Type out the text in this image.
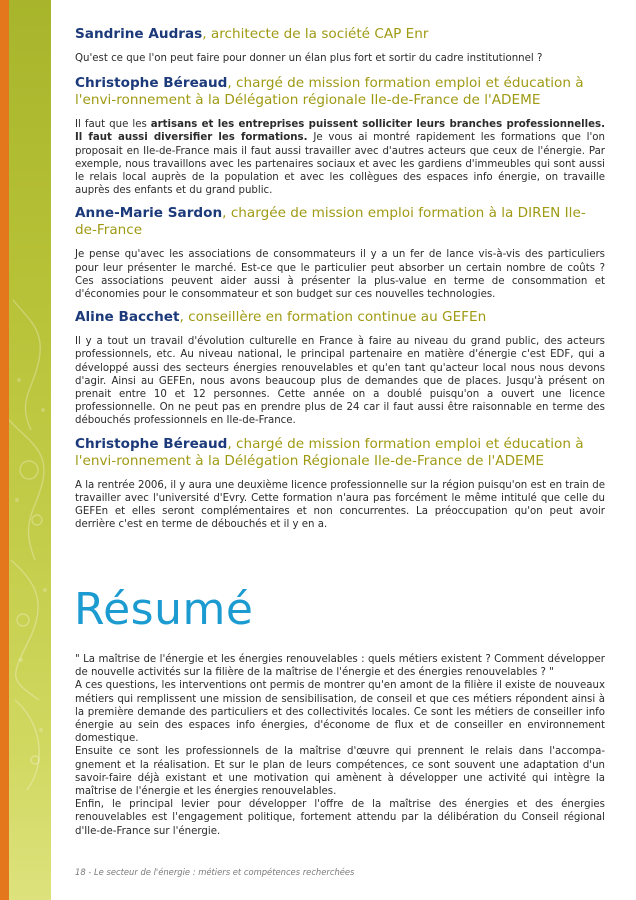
Sandrine Audras, architecte de la société CAP Enr

Qu'est ce que l'on peut faire pour donner un élan plus fort et sortir du cadre institutionnel ?

Christophe Béreaud, chargé de mission formation emploi et éducation à l'envi-ronnement à la Délégation régionale Ile-de-France de l'ADEME

Il faut que les artisans et les entreprises puissent solliciter leurs branches professionnelles. Il faut aussi diversifier les formations. Je vous ai montré rapidement les formations que l'on proposait en Ile-de-France mais il faut aussi travailler avec d'autres acteurs que ceux de l'énergie. Par exemple, nous travaillons avec les partenaires sociaux et avec les gardiens d'immeubles qui sont aussi le relais local auprès de la population et avec les collègues des espaces info énergie, on travaille auprès des enfants et du grand public.

Anne-Marie Sardon, chargée de mission emploi formation à la DIREN Ile-de-France

Je pense qu'avec les associations de consommateurs il y a un fer de lance vis-à-vis des particuliers pour leur présenter le marché. Est-ce que le particulier peut absorber un certain nombre de coûts ? Ces associations peuvent aider aussi à présenter la plus-value en terme de consommation et d'économies pour le consommateur et son budget sur ces nouvelles technologies.

Aline Bacchet, conseillère en formation continue au GEFEn

Il y a tout un travail d'évolution culturelle en France à faire au niveau du grand public, des acteurs professionnels, etc. Au niveau national, le principal partenaire en matière d'énergie c'est EDF, qui a développé aussi des secteurs énergies renouvelables et qu'en tant qu'acteur local nous nous devons d'agir. Ainsi au GEFEn, nous avons beaucoup plus de demandes que de places. Jusqu'à présent on prenait entre 10 et 12 personnes. Cette année on a doublé puisqu'on a ouvert une licence professionnelle. On ne peut pas en prendre plus de 24 car il faut aussi être raisonnable en terme des débouchés professionnels en Ile-de-France.

Christophe Béreaud, chargé de mission formation emploi et éducation à l'envi-ronnement à la Délégation Régionale Ile-de-France de l'ADEME

A la rentrée 2006, il y aura une deuxième licence professionnelle sur la région puisqu'on est en train de travailler avec l'université d'Evry. Cette formation n'aura pas forcément le même intitulé que celle du GEFEn et elles seront complémentaires et non concurrentes. La préoccupation qu'on peut avoir derrière c'est en terme de débouchés et il y en a.

Résumé

" La maîtrise de l'énergie et les énergies renouvelables : quels métiers existent ? Comment développer de nouvelle activités sur la filière de la maîtrise de l'énergie et des énergies renouvelables ? "

A ces questions, les interventions ont permis de montrer qu'en amont de la filière il existe de nouveaux métiers qui remplissent une mission de sensibilisation, de conseil et que ces métiers répondent ainsi à la première demande des particuliers et des collectivités locales. Ce sont les métiers de conseiller info énergie au sein des espaces info énergies, d'économe de flux et de conseiller en environnement domestique.

Ensuite ce sont les professionnels de la maîtrise d'œuvre qui prennent le relais dans l'accompa-gnement et la réalisation. Et sur le plan de leurs compétences, ce sont souvent une adaptation d'un savoir-faire déjà existant et une motivation qui amènent à développer une activité qui intègre la maîtrise de l'énergie et les énergies renouvelables.

Enfin, le principal levier pour développer l'offre de la maîtrise des énergies et des énergies renouvelables est l'engagement politique, fortement attendu par la délibération du Conseil régional d'Ile-de-France sur l'énergie.

18 - Le secteur de l'énergie : métiers et compétences recherchées
